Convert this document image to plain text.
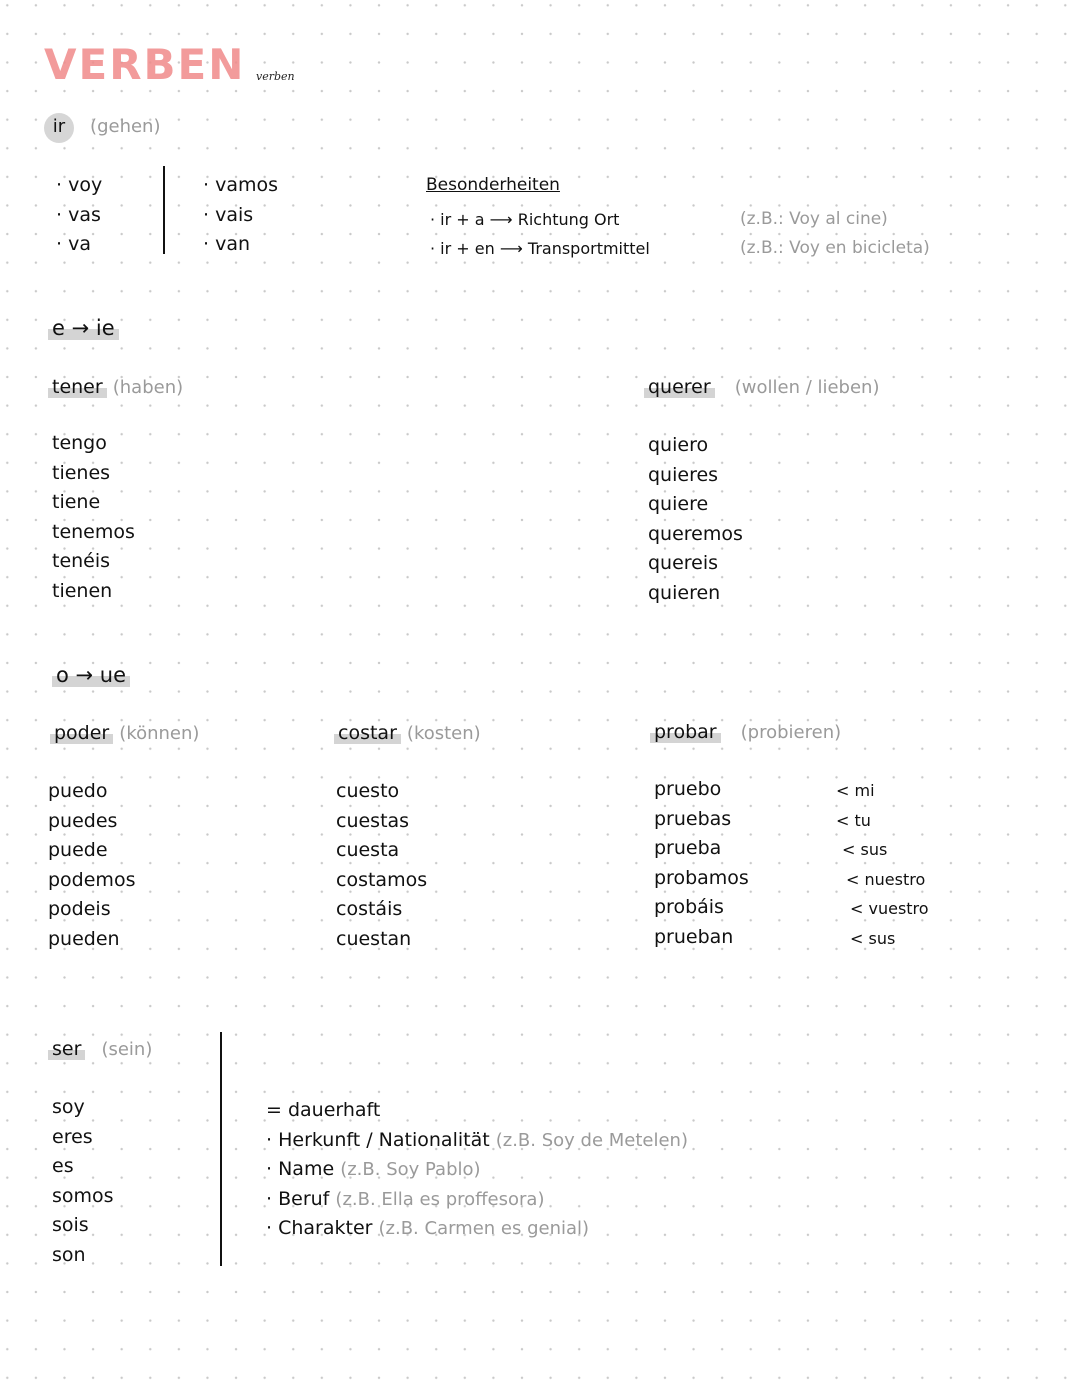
VERBEN verben
ir (gehen)
· voy
· vas
· va
· vamos
· vais
· van
Besonderheiten
· ir + a ⟶ Richtung Ort
· ir + en ⟶ Transportmittel
(z.B.: Voy al cine)
(z.B.: Voy en bicicleta)
e → ie
tener (haben)
tengo
tienes
tiene
tenemos
tenéis
tienen
querer (wollen / lieben)
quiero
quieres
quiere
queremos
quereis
quieren
o → ue
poder (können)
puedo
puedes
puede
podemos
podeis
pueden
costar (kosten)
cuesto
cuestas
cuesta
costamos
costáis
cuestan
probar (probieren)
pruebo
pruebas
prueba
probamos
probáis
prueban
< mi
< tu
< sus
< nuestro
< vuestro
< sus
ser (sein)
soy
eres
es
somos
sois
son
= dauerhaft
· Herkunft / Nationalität (z.B. Soy de Metelen)
· Name (z.B. Soy Pablo)
· Beruf (z.B. Ella es proffesora)
· Charakter (z.B. Carmen es genial)
